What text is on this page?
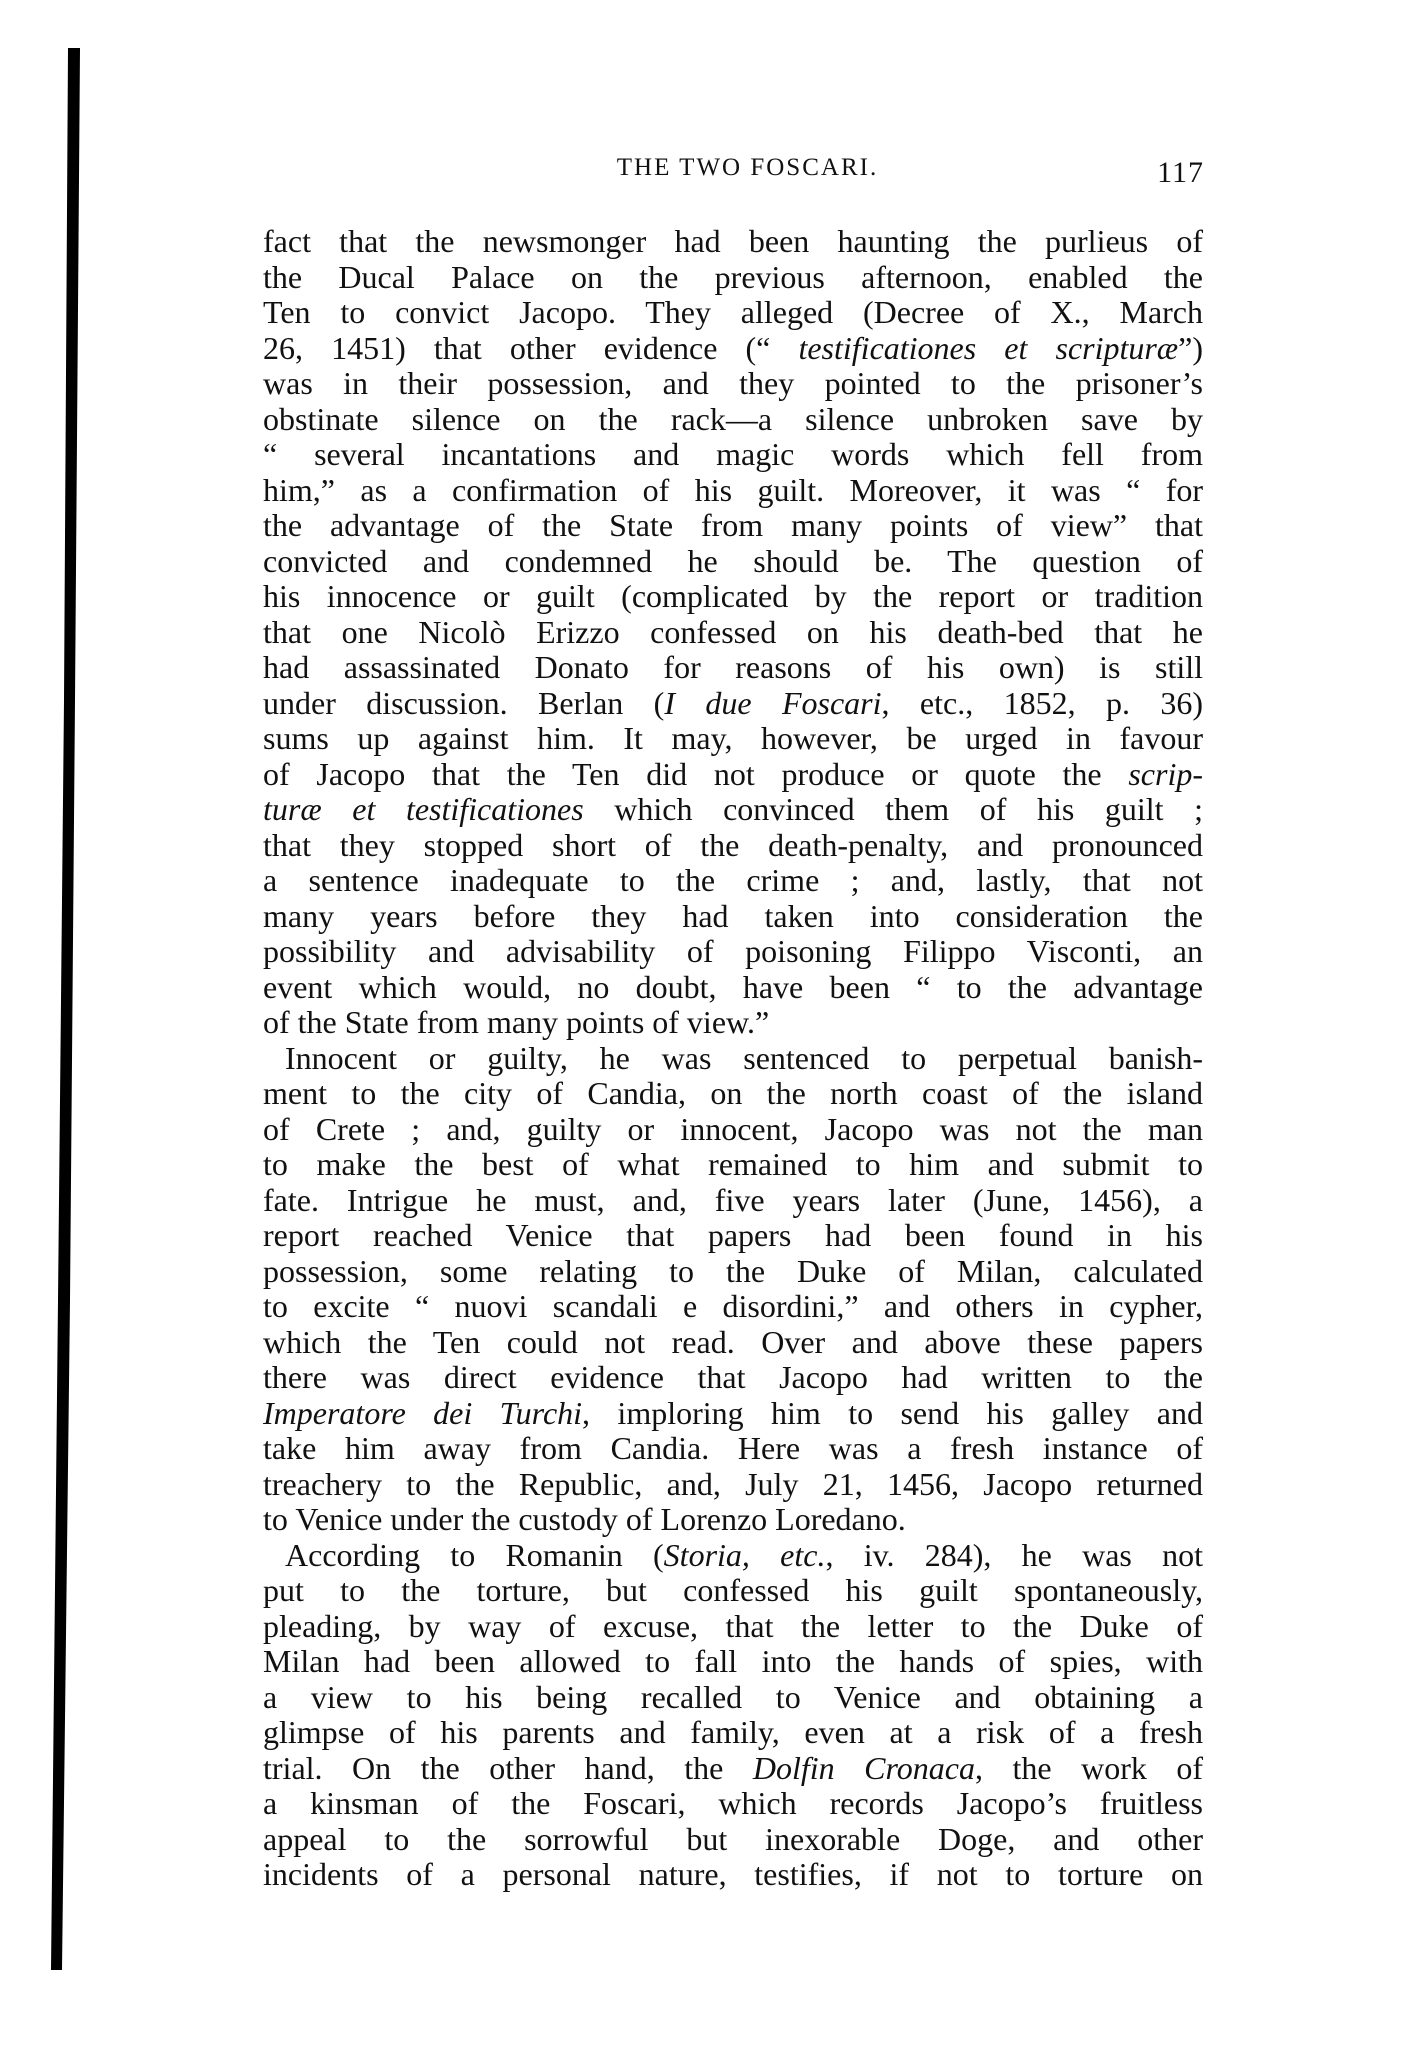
THE TWO FOSCARI.	117
fact that the newsmonger had been haunting the purlieus of
the Ducal Palace on the previous afternoon, enabled the
Ten to convict Jacopo. They alleged (Decree of X., March
26, 1451) that other evidence (“ testificationes et scripturæ”)
was in their possession, and they pointed to the prisoner’s
obstinate silence on the rack—a silence unbroken save by
“ several incantations and magic words which fell from
him,” as a confirmation of his guilt. Moreover, it was “ for
the advantage of the State from many points of view” that
convicted and condemned he should be. The question of
his innocence or guilt (complicated by the report or tradition
that one Nicolò Erizzo confessed on his death-bed that he
had assassinated Donato for reasons of his own) is still
under discussion. Berlan (I due Foscari, etc., 1852, p. 36)
sums up against him. It may, however, be urged in favour
of Jacopo that the Ten did not produce or quote the scrip-
turæ et testificationes which convinced them of his guilt ;
that they stopped short of the death-penalty, and pronounced
a sentence inadequate to the crime ; and, lastly, that not
many years before they had taken into consideration the
possibility and advisability of poisoning Filippo Visconti, an
event which would, no doubt, have been “ to the advantage
of the State from many points of view.”
Innocent or guilty, he was sentenced to perpetual banish-
ment to the city of Candia, on the north coast of the island
of Crete ; and, guilty or innocent, Jacopo was not the man
to make the best of what remained to him and submit to
fate. Intrigue he must, and, five years later (June, 1456), a
report reached Venice that papers had been found in his
possession, some relating to the Duke of Milan, calculated
to excite “ nuovi scandali e disordini,” and others in cypher,
which the Ten could not read. Over and above these papers
there was direct evidence that Jacopo had written to the
Imperatore dei Turchi, imploring him to send his galley and
take him away from Candia. Here was a fresh instance of
treachery to the Republic, and, July 21, 1456, Jacopo returned
to Venice under the custody of Lorenzo Loredano.
According to Romanin (Storia, etc., iv. 284), he was not
put to the torture, but confessed his guilt spontaneously,
pleading, by way of excuse, that the letter to the Duke of
Milan had been allowed to fall into the hands of spies, with
a view to his being recalled to Venice and obtaining a
glimpse of his parents and family, even at a risk of a fresh
trial. On the other hand, the Dolfin Cronaca, the work of
a kinsman of the Foscari, which records Jacopo’s fruitless
appeal to the sorrowful but inexorable Doge, and other
incidents of a personal nature, testifies, if not to torture on
